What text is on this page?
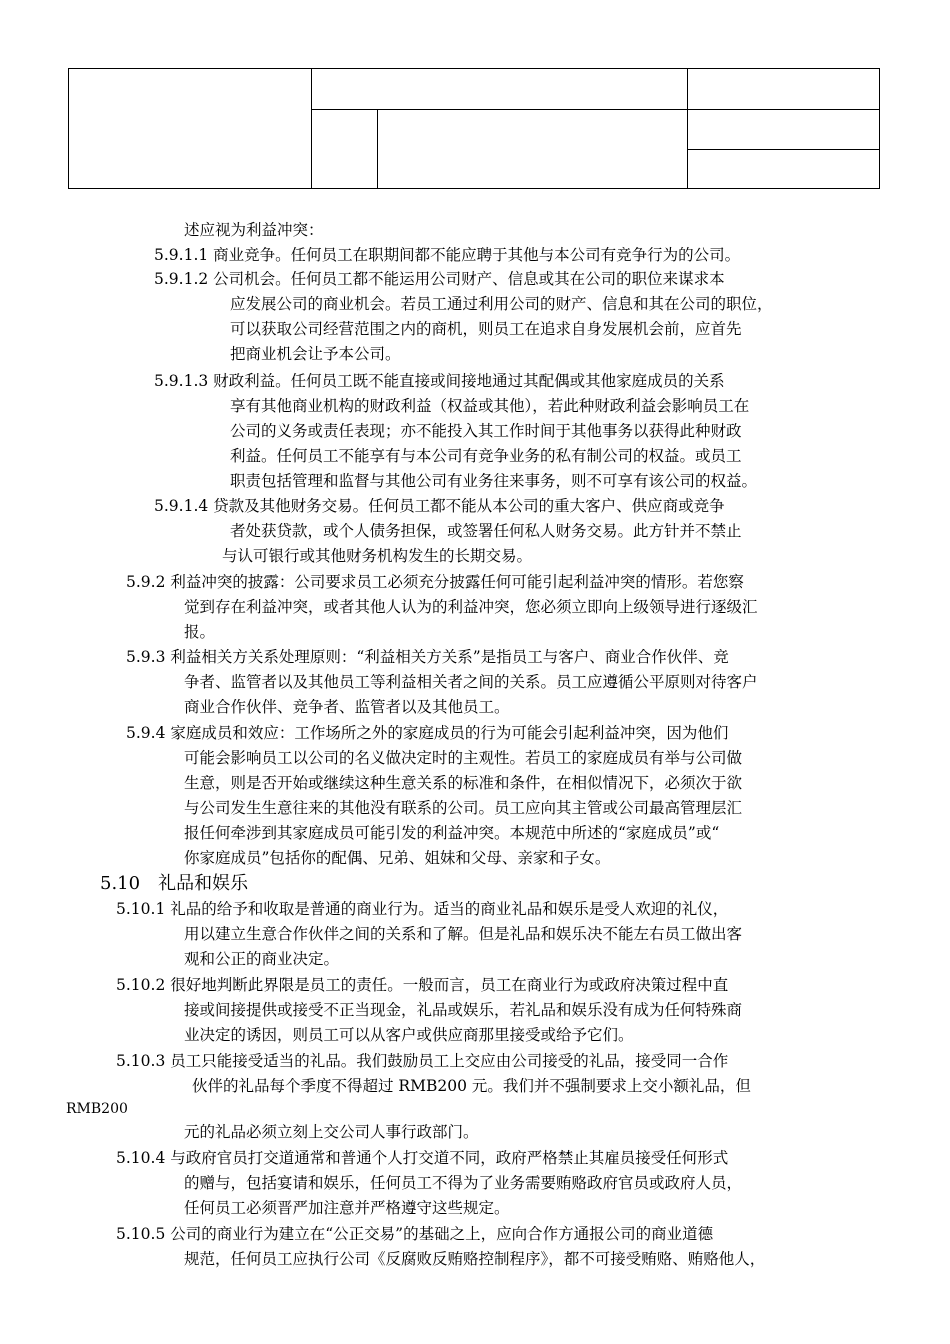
述应视为利益冲突：
5.9.1.1 商业竞争。任何员工在职期间都不能应聘于其他与本公司有竞争行为的公司。
5.9.1.2 公司机会。任何员工都不能运用公司财产、信息或其在公司的职位来谋求本
应发展公司的商业机会。若员工通过利用公司的财产、信息和其在公司的职位，
可以获取公司经营范围之内的商机，则员工在追求自身发展机会前，应首先
把商业机会让予本公司。
5.9.1.3 财政利益。任何员工既不能直接或间接地通过其配偶或其他家庭成员的关系
享有其他商业机构的财政利益（权益或其他），若此种财政利益会影响员工在
公司的义务或责任表现；亦不能投入其工作时间于其他事务以获得此种财政
利益。任何员工不能享有与本公司有竞争业务的私有制公司的权益。或员工
职责包括管理和监督与其他公司有业务往来事务，则不可享有该公司的权益。
5.9.1.4 贷款及其他财务交易。任何员工都不能从本公司的重大客户、供应商或竞争
者处获贷款，或个人债务担保，或签署任何私人财务交易。此方针并不禁止
与认可银行或其他财务机构发生的长期交易。
5.9.2 利益冲突的披露：公司要求员工必须充分披露任何可能引起利益冲突的情形。若您察
觉到存在利益冲突，或者其他人认为的利益冲突，您必须立即向上级领导进行逐级汇
报。
5.9.3 利益相关方关系处理原则：“利益相关方关系”是指员工与客户、商业合作伙伴、竞
争者、监管者以及其他员工等利益相关者之间的关系。员工应遵循公平原则对待客户
商业合作伙伴、竞争者、监管者以及其他员工。
5.9.4 家庭成员和效应：工作场所之外的家庭成员的行为可能会引起利益冲突，因为他们
可能会影响员工以公司的名义做决定时的主观性。若员工的家庭成员有举与公司做
生意，则是否开始或继续这种生意关系的标准和条件，在相似情况下，必须次于欲
与公司发生生意往来的其他没有联系的公司。员工应向其主管或公司最高管理层汇
报任何牵涉到其家庭成员可能引发的利益冲突。本规范中所述的“家庭成员”或“
你家庭成员”包括你的配偶、兄弟、姐妹和父母、亲家和子女。
5.10　礼品和娱乐
5.10.1 礼品的给予和收取是普通的商业行为。适当的商业礼品和娱乐是受人欢迎的礼仪，
用以建立生意合作伙伴之间的关系和了解。但是礼品和娱乐决不能左右员工做出客
观和公正的商业决定。
5.10.2 很好地判断此界限是员工的责任。一般而言，员工在商业行为或政府决策过程中直
接或间接提供或接受不正当现金，礼品或娱乐，若礼品和娱乐没有成为任何特殊商
业决定的诱因，则员工可以从客户或供应商那里接受或给予它们。
5.10.3 员工只能接受适当的礼品。我们鼓励员工上交应由公司接受的礼品，接受同一合作
伙伴的礼品每个季度不得超过 RMB200 元。我们并不强制要求上交小额礼品，但
RMB200
元的礼品必须立刻上交公司人事行政部门。
5.10.4 与政府官员打交道通常和普通个人打交道不同，政府严格禁止其雇员接受任何形式
的赠与，包括宴请和娱乐，任何员工不得为了业务需要贿赂政府官员或政府人员，
任何员工必须晋严加注意并严格遵守这些规定。
5.10.5 公司的商业行为建立在“公正交易”的基础之上，应向合作方通报公司的商业道德
规范，任何员工应执行公司《反腐败反贿赂控制程序》，都不可接受贿赂、贿赂他人，
